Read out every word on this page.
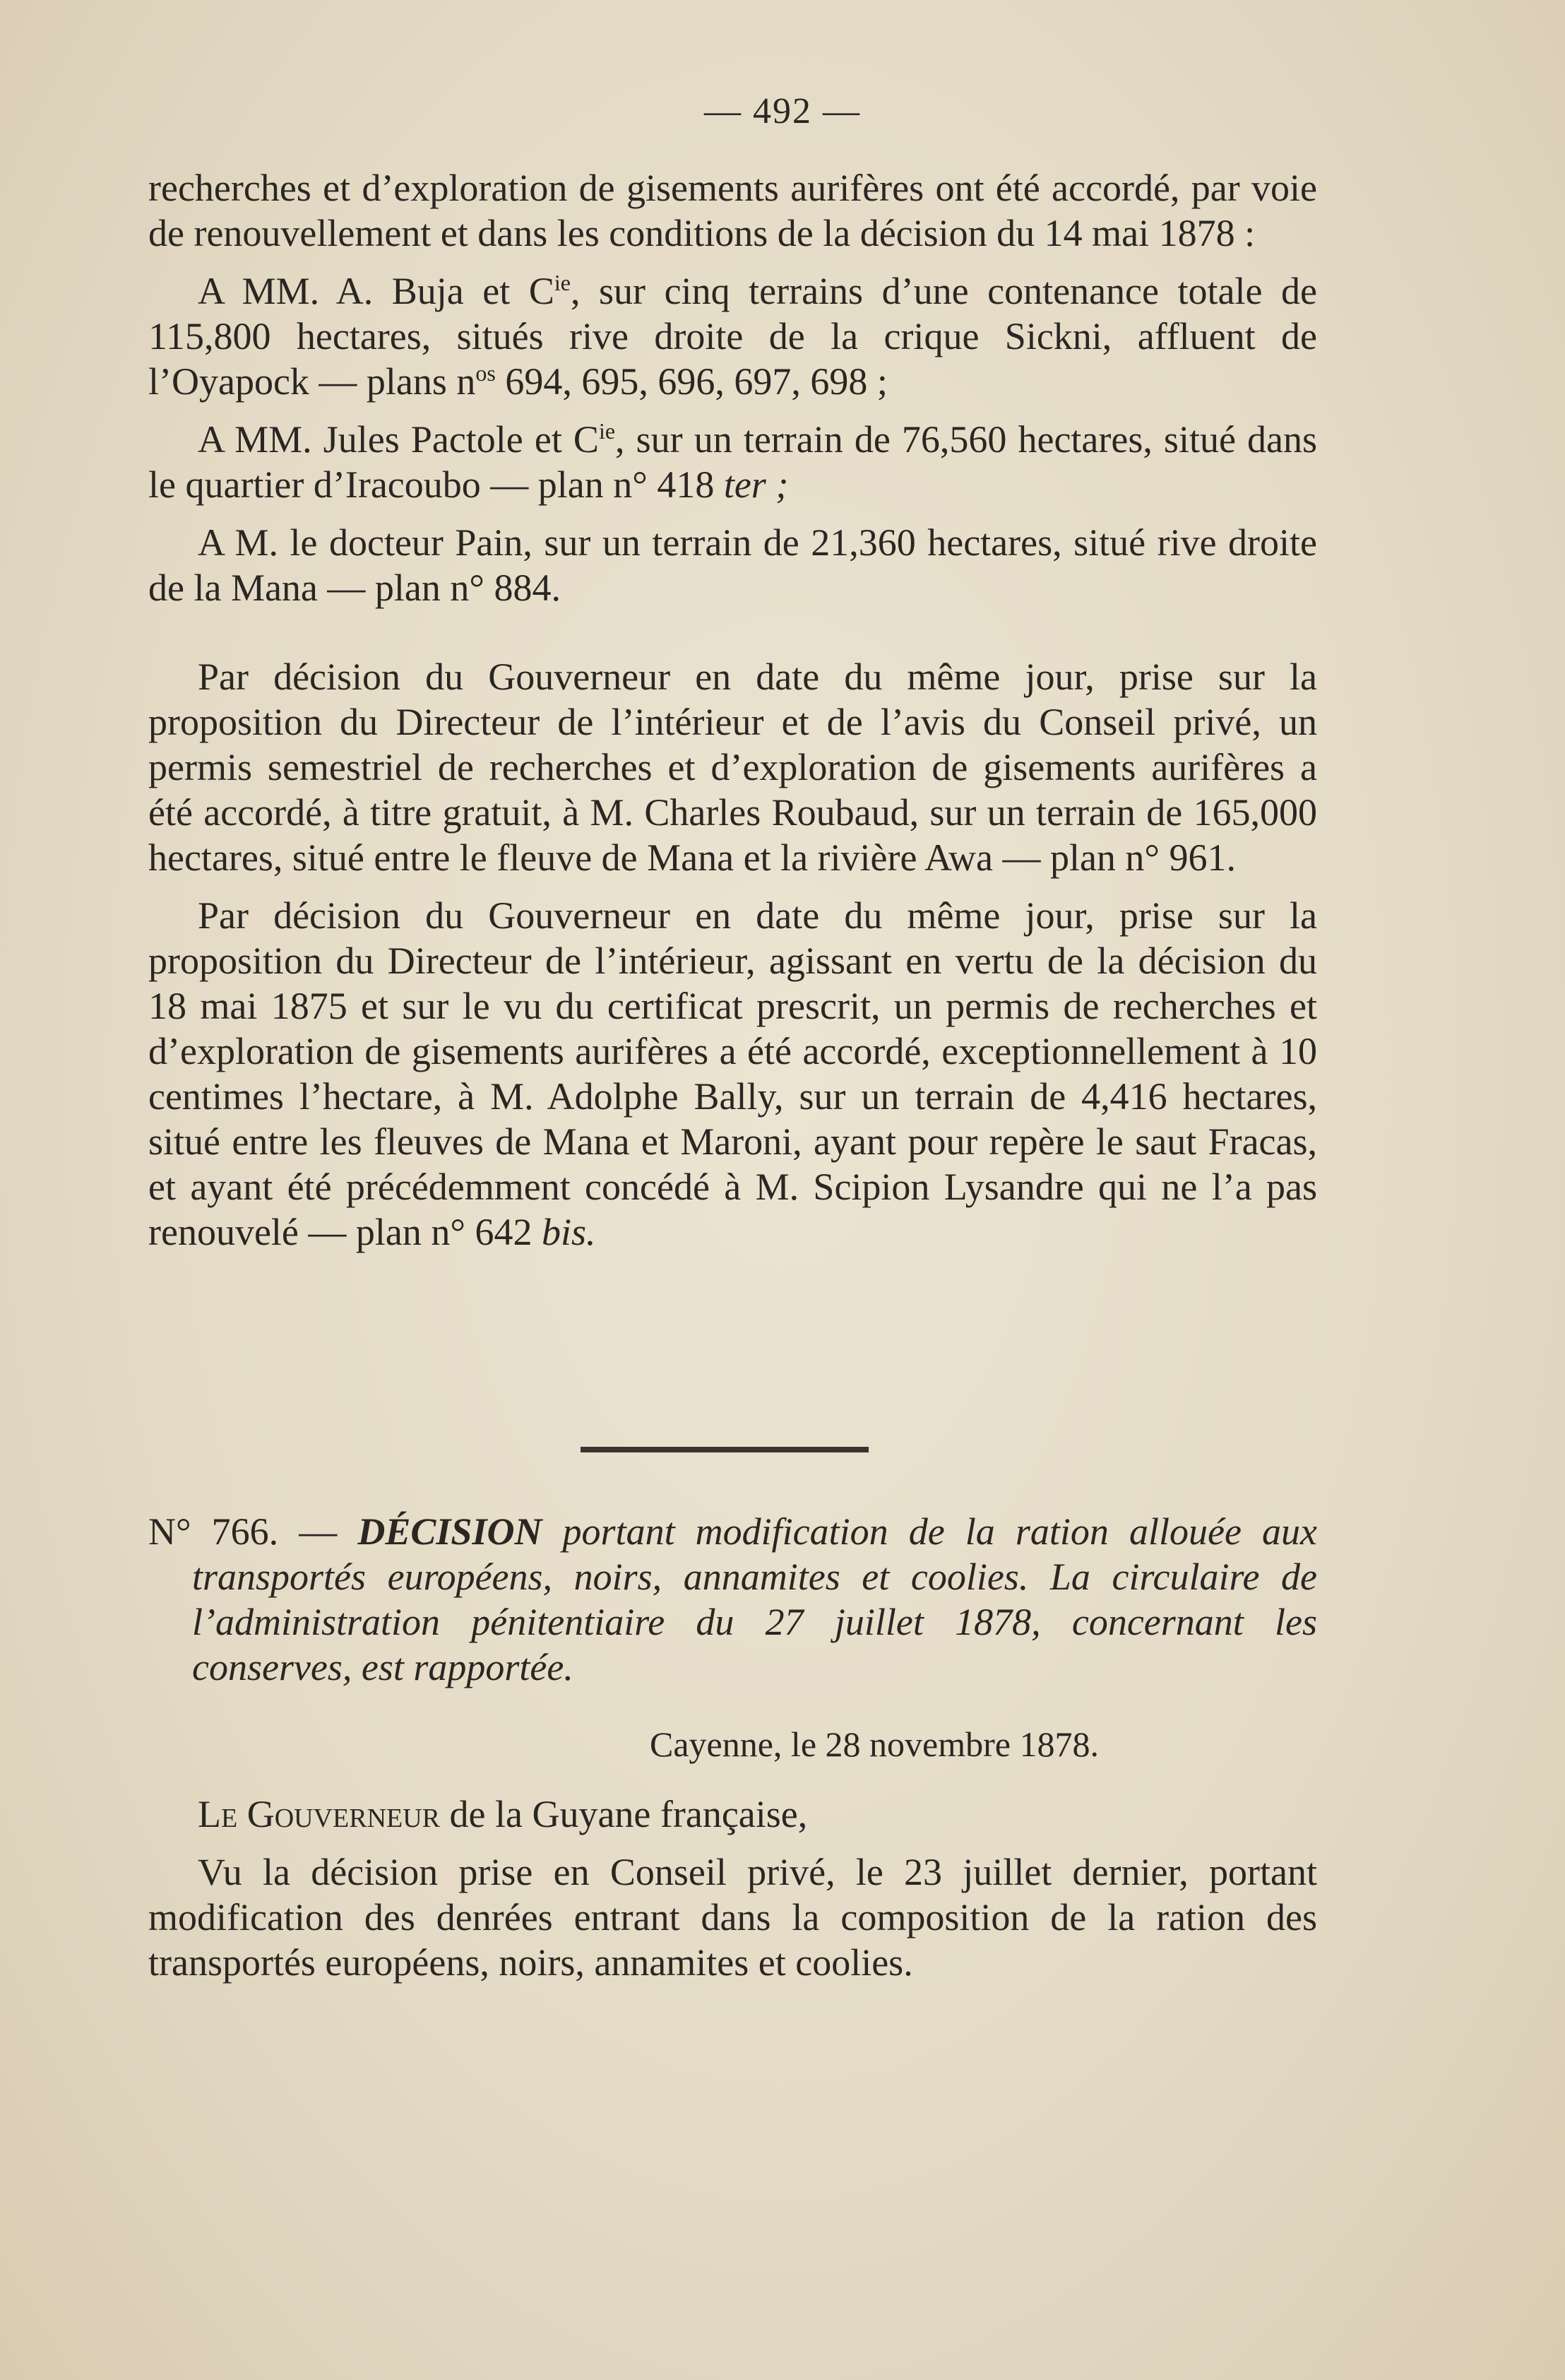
— 492 —

recherches et d’exploration de gisements aurifères ont été accordé, par voie de renouvellement et dans les conditions de la décision du 14 mai 1878 :

A MM. A. Buja et $C^{ie}$, sur cinq terrains d’une contenance totale de 115,800 hectares, situés rive droite de la crique Sickni, affluent de l’Oyapock — plans $n^{os}$ 694, 695, 696, 697, 698 ;

A MM. Jules Pactole et $C^{ie}$, sur un terrain de 76,560 hectares, situé dans le quartier d’Iracoubo — plan n° 418 ter ;

A M. le docteur Pain, sur un terrain de 21,360 hectares, situé rive droite de la Mana — plan n° 884.

Par décision du Gouverneur en date du même jour, prise sur la proposition du Directeur de l’intérieur et de l’avis du Conseil privé, un permis semestriel de recherches et d’exploration de gisements aurifères a été accordé, à titre gratuit, à M. Charles Roubaud, sur un terrain de 165,000 hectares, situé entre le fleuve de Mana et la rivière Awa — plan n° 961.

Par décision du Gouverneur en date du même jour, prise sur la proposition du Directeur de l’intérieur, agissant en vertu de la décision du 18 mai 1875 et sur le vu du certificat prescrit, un permis de recherches et d’exploration de gisements aurifères a été accordé, exceptionnellement à 10 centimes l’hectare, à M. Adolphe Bally, sur un terrain de 4,416 hectares, situé entre les fleuves de Mana et Maroni, ayant pour repère le saut Fracas, et ayant été précédemment concédé à M. Scipion Lysandre qui ne l’a pas renouvelé — plan n° 642 bis.

N° 766. — DÉCISION portant modification de la ration allouée aux transportés européens, noirs, annamites et coolies. La circulaire de l’administration pénitentiaire du 27 juillet 1878, concernant les conserves, est rapportée.
Cayenne, le 28 novembre 1878.

Le Gouverneur de la Guyane française,

Vu la décision prise en Conseil privé, le 23 juillet dernier, portant modification des denrées entrant dans la composition de la ration des transportés européens, noirs, annamites et coolies.
